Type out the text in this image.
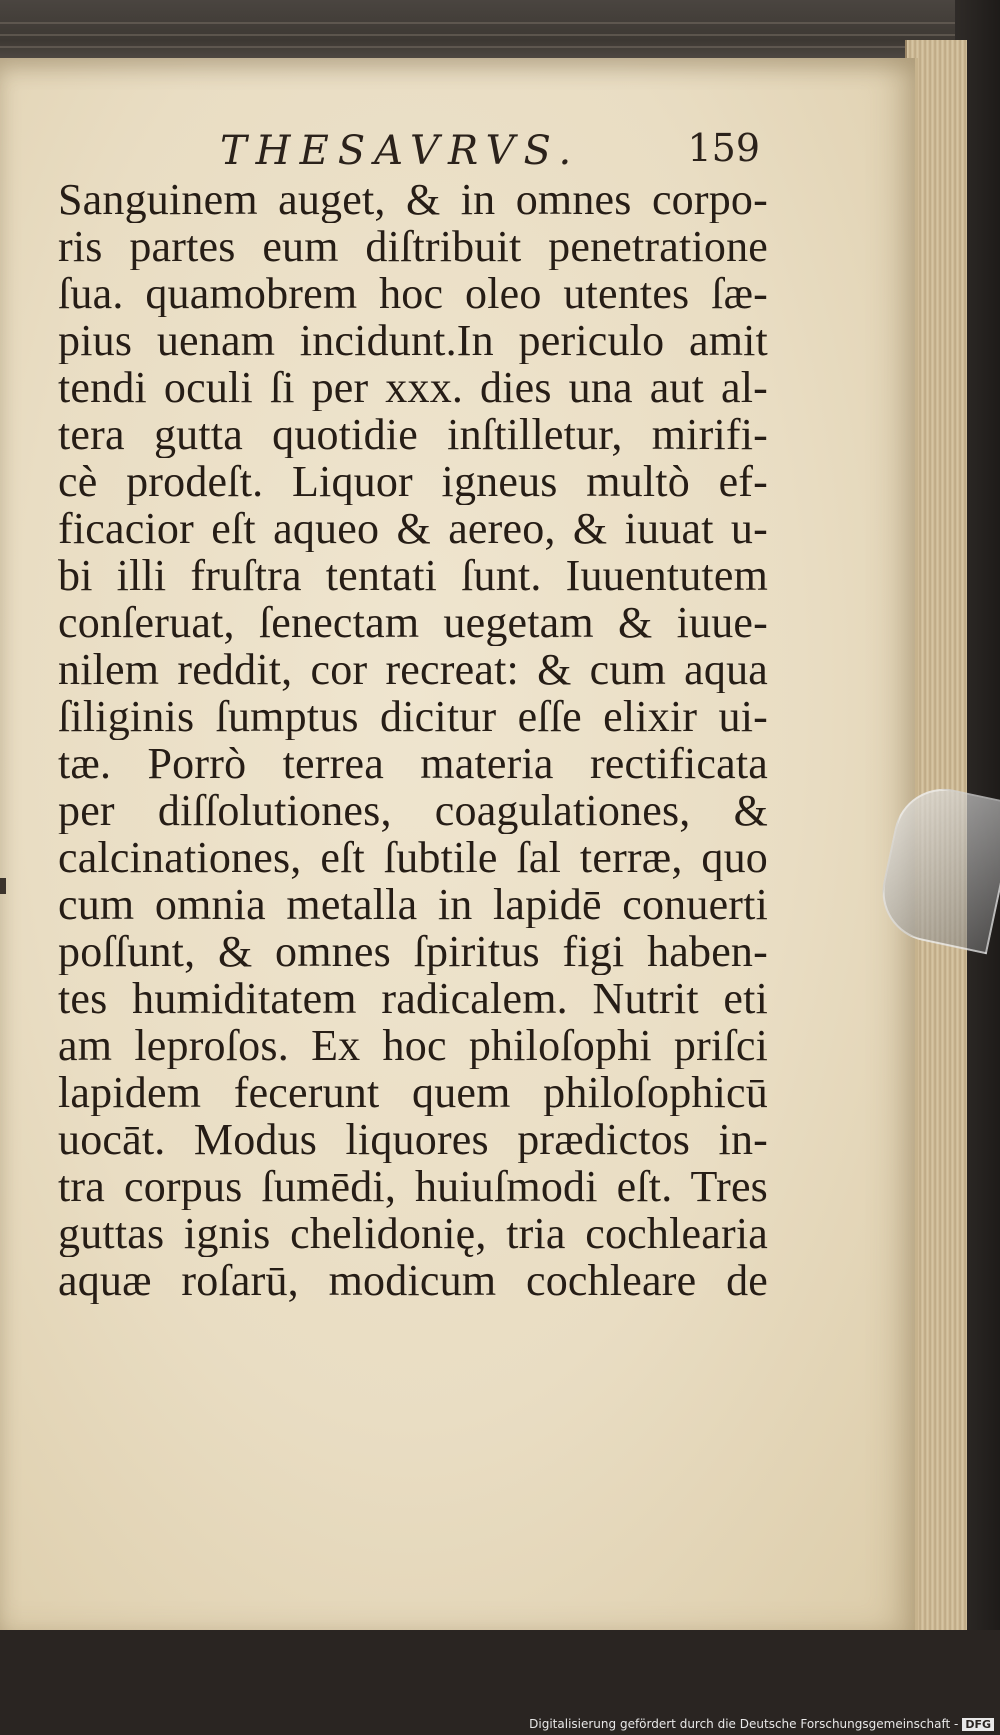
THESAVRVS.	159
Sanguinem auget, & in omnes corpo-
ris partes eum diſtribuit penetratione
ſua. quamobrem hoc oleo utentes ſæ-
pius uenam incidunt.In periculo amit
tendi oculi ſi per xxx. dies una aut al-
tera gutta quotidie inſtilletur, mirifi-
cè prodeſt. Liquor igneus multò ef-
ficacior eſt aqueo & aereo, & iuuat u-
bi illi fruſtra tentati ſunt. Iuuentutem
conſeruat, ſenectam uegetam & iuue-
nilem reddit, cor recreat: & cum aqua
ſiliginis ſumptus dicitur eſſe elixir ui-
tæ. Porrò terrea materia rectificata
per diſſolutiones, coagulationes, &
calcinationes, eſt ſubtile ſal terræ, quo
cum omnia metalla in lapidē conuerti
poſſunt, & omnes ſpiritus figi haben-
tes humiditatem radicalem. Nutrit eti
am leproſos. Ex hoc philoſophi priſci
lapidem fecerunt quem philoſophicū
uocāt. Modus liquores prædictos in-
tra corpus ſumēdi, huiuſmodi eſt. Tres
guttas ignis chelidonię, tria cochlearia
aquæ roſarū, modicum cochleare de
Digitalisierung gefördert durch die Deutsche Forschungsgemeinschaft - DFG
